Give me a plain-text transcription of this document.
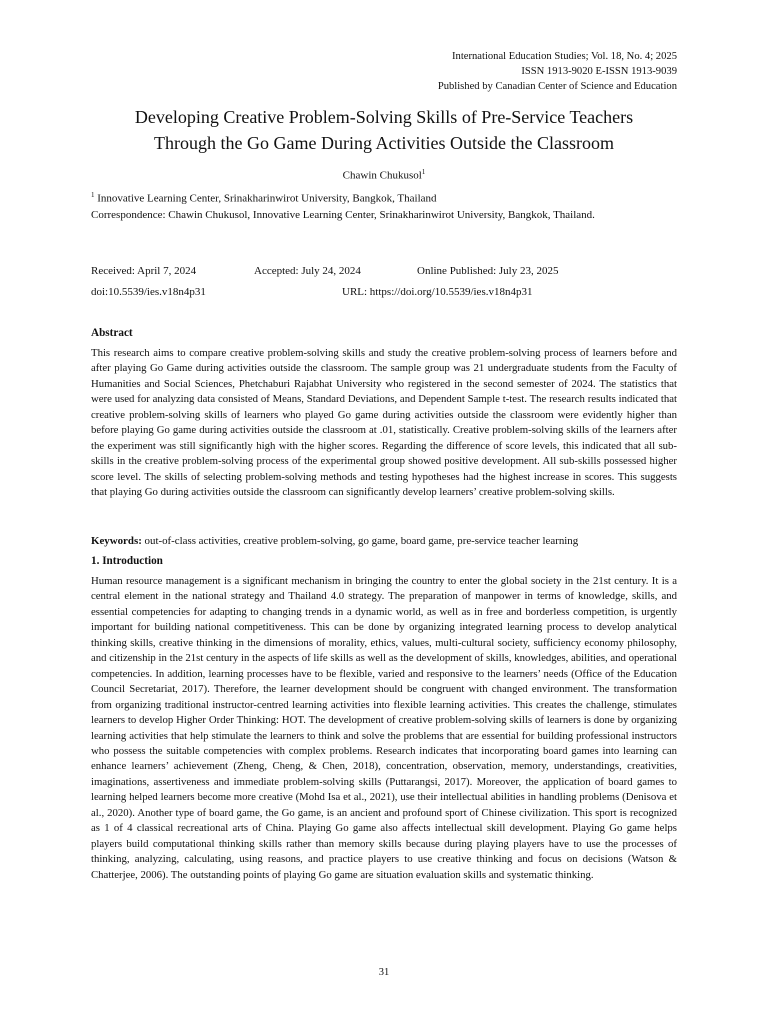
International Education Studies; Vol. 18, No. 4; 2025
ISSN 1913-9020 E-ISSN 1913-9039
Published by Canadian Center of Science and Education
Developing Creative Problem-Solving Skills of Pre-Service Teachers
Through the Go Game During Activities Outside the Classroom
Chawin Chukusol$^1$
$^1$ Innovative Learning Center, Srinakharinwirot University, Bangkok, Thailand
Correspondence: Chawin Chukusol, Innovative Learning Center, Srinakharinwirot University, Bangkok, Thailand.
Received: April 7, 2024	Accepted: July 24, 2024	Online Published: July 23, 2025
doi:10.5539/ies.v18n4p31	URL: https://doi.org/10.5539/ies.v18n4p31
Abstract

This research aims to compare creative problem-solving skills and study the creative problem-solving process of learners before and after playing Go Game during activities outside the classroom. The sample group was 21 undergraduate students from the Faculty of Humanities and Social Sciences, Phetchaburi Rajabhat University who registered in the second semester of 2024. The statistics that were used for analyzing data consisted of Means, Standard Deviations, and Dependent Sample t-test. The research results indicated that creative problem-solving skills of learners who played Go game during activities outside the classroom were evidently higher than before playing Go game during activities outside the classroom at .01, statistically. Creative problem-solving skills of the learners after the experiment was still significantly high with the higher scores. Regarding the difference of score levels, this indicated that all sub-skills in the creative problem-solving process of the experimental group showed positive development. All sub-skills possessed higher score level. The skills of selecting problem-solving methods and testing hypotheses had the highest increase in scores. This suggests that playing Go during activities outside the classroom can significantly develop learners’ creative problem-solving skills.

Keywords: out-of-class activities, creative problem-solving, go game, board game, pre-service teacher learning
1. Introduction

Human resource management is a significant mechanism in bringing the country to enter the global society in the 21st century. It is a central element in the national strategy and Thailand 4.0 strategy. The preparation of manpower in terms of knowledge, skills, and essential competencies for adapting to changing trends in a dynamic world, as well as in free and borderless competition, is urgently important for building national competitiveness. This can be done by organizing integrated learning process to develop analytical thinking skills, creative thinking in the dimensions of morality, ethics, values, multi-cultural society, sufficiency economy philosophy, and citizenship in the 21st century in the aspects of life skills as well as the development of skills, knowledges, abilities, and operational competencies. In addition, learning processes have to be flexible, varied and responsive to the learners’ needs (Office of the Education Council Secretariat, 2017). Therefore, the learner development should be congruent with changed environment. The transformation from organizing traditional instructor-centred learning activities into flexible learning activities. This creates the challenge, stimulates learners to develop Higher Order Thinking: HOT. The development of creative problem-solving skills of learners is done by organizing learning activities that help stimulate the learners to think and solve the problems that are essential for building professional instructors who possess the suitable competencies with complex problems. Research indicates that incorporating board games into learning can enhance learners’ achievement (Zheng, Cheng, & Chen, 2018), concentration, observation, memory, understandings, creativities, imaginations, assertiveness and immediate problem-solving skills (Puttarangsi, 2017). Moreover, the application of board games to learning helped learners become more creative (Mohd Isa et al., 2021), use their intellectual abilities in handling problems (Denisova et al., 2020). Another type of board game, the Go game, is an ancient and profound sport of Chinese civilization. This sport is recognized as 1 of 4 classical recreational arts of China. Playing Go game also affects intellectual skill development. Playing Go game helps players build computational thinking skills rather than memory skills because during playing players have to use the processes of thinking, analyzing, calculating, using reasons, and practice players to use creative thinking and focus on decisions (Watson & Chatterjee, 2006). The outstanding points of playing Go game are situation evaluation skills and systematic thinking.

31
